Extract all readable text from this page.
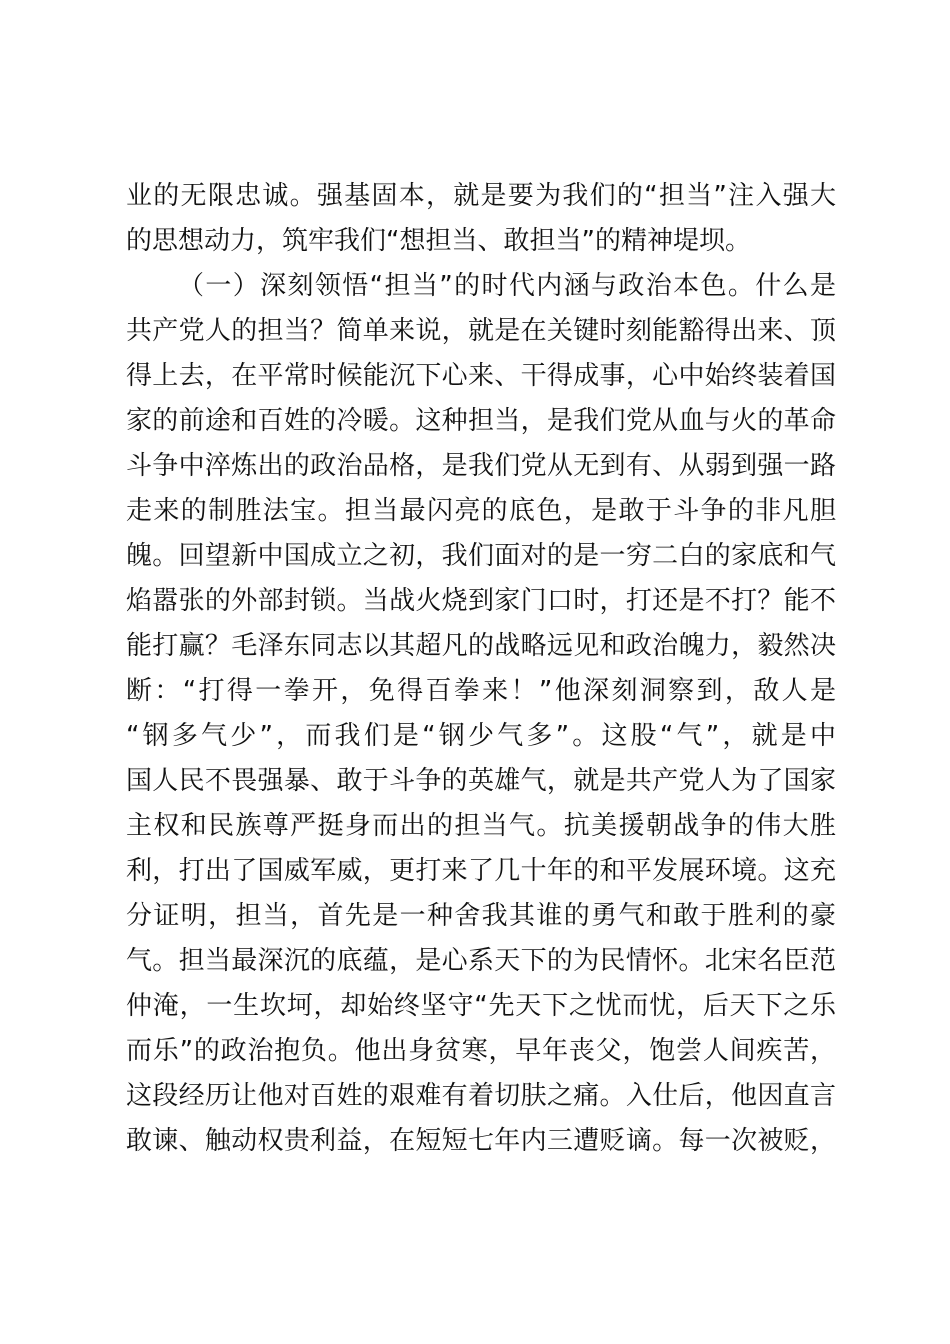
业的无限忠诚。强基固本，就是要为我们的“担当”注入强大
的思想动力，筑牢我们“想担当、敢担当”的精神堤坝。
（一）深刻领悟“担当”的时代内涵与政治本色。什么是
共产党人的担当？简单来说，就是在关键时刻能豁得出来、顶
得上去，在平常时候能沉下心来、干得成事，心中始终装着国
家的前途和百姓的冷暖。这种担当，是我们党从血与火的革命
斗争中淬炼出的政治品格，是我们党从无到有、从弱到强一路
走来的制胜法宝。担当最闪亮的底色，是敢于斗争的非凡胆
魄。回望新中国成立之初，我们面对的是一穷二白的家底和气
焰嚣张的外部封锁。当战火烧到家门口时，打还是不打？能不
能打赢？毛泽东同志以其超凡的战略远见和政治魄力，毅然决
断：“打得一拳开，免得百拳来！”他深刻洞察到，敌人是
“钢多气少”，而我们是“钢少气多”。这股“气”，就是中
国人民不畏强暴、敢于斗争的英雄气，就是共产党人为了国家
主权和民族尊严挺身而出的担当气。抗美援朝战争的伟大胜
利，打出了国威军威，更打来了几十年的和平发展环境。这充
分证明，担当，首先是一种舍我其谁的勇气和敢于胜利的豪
气。担当最深沉的底蕴，是心系天下的为民情怀。北宋名臣范
仲淹，一生坎坷，却始终坚守“先天下之忧而忧，后天下之乐
而乐”的政治抱负。他出身贫寒，早年丧父，饱尝人间疾苦，
这段经历让他对百姓的艰难有着切肤之痛。入仕后，他因直言
敢谏、触动权贵利益，在短短七年内三遭贬谪。每一次被贬，
